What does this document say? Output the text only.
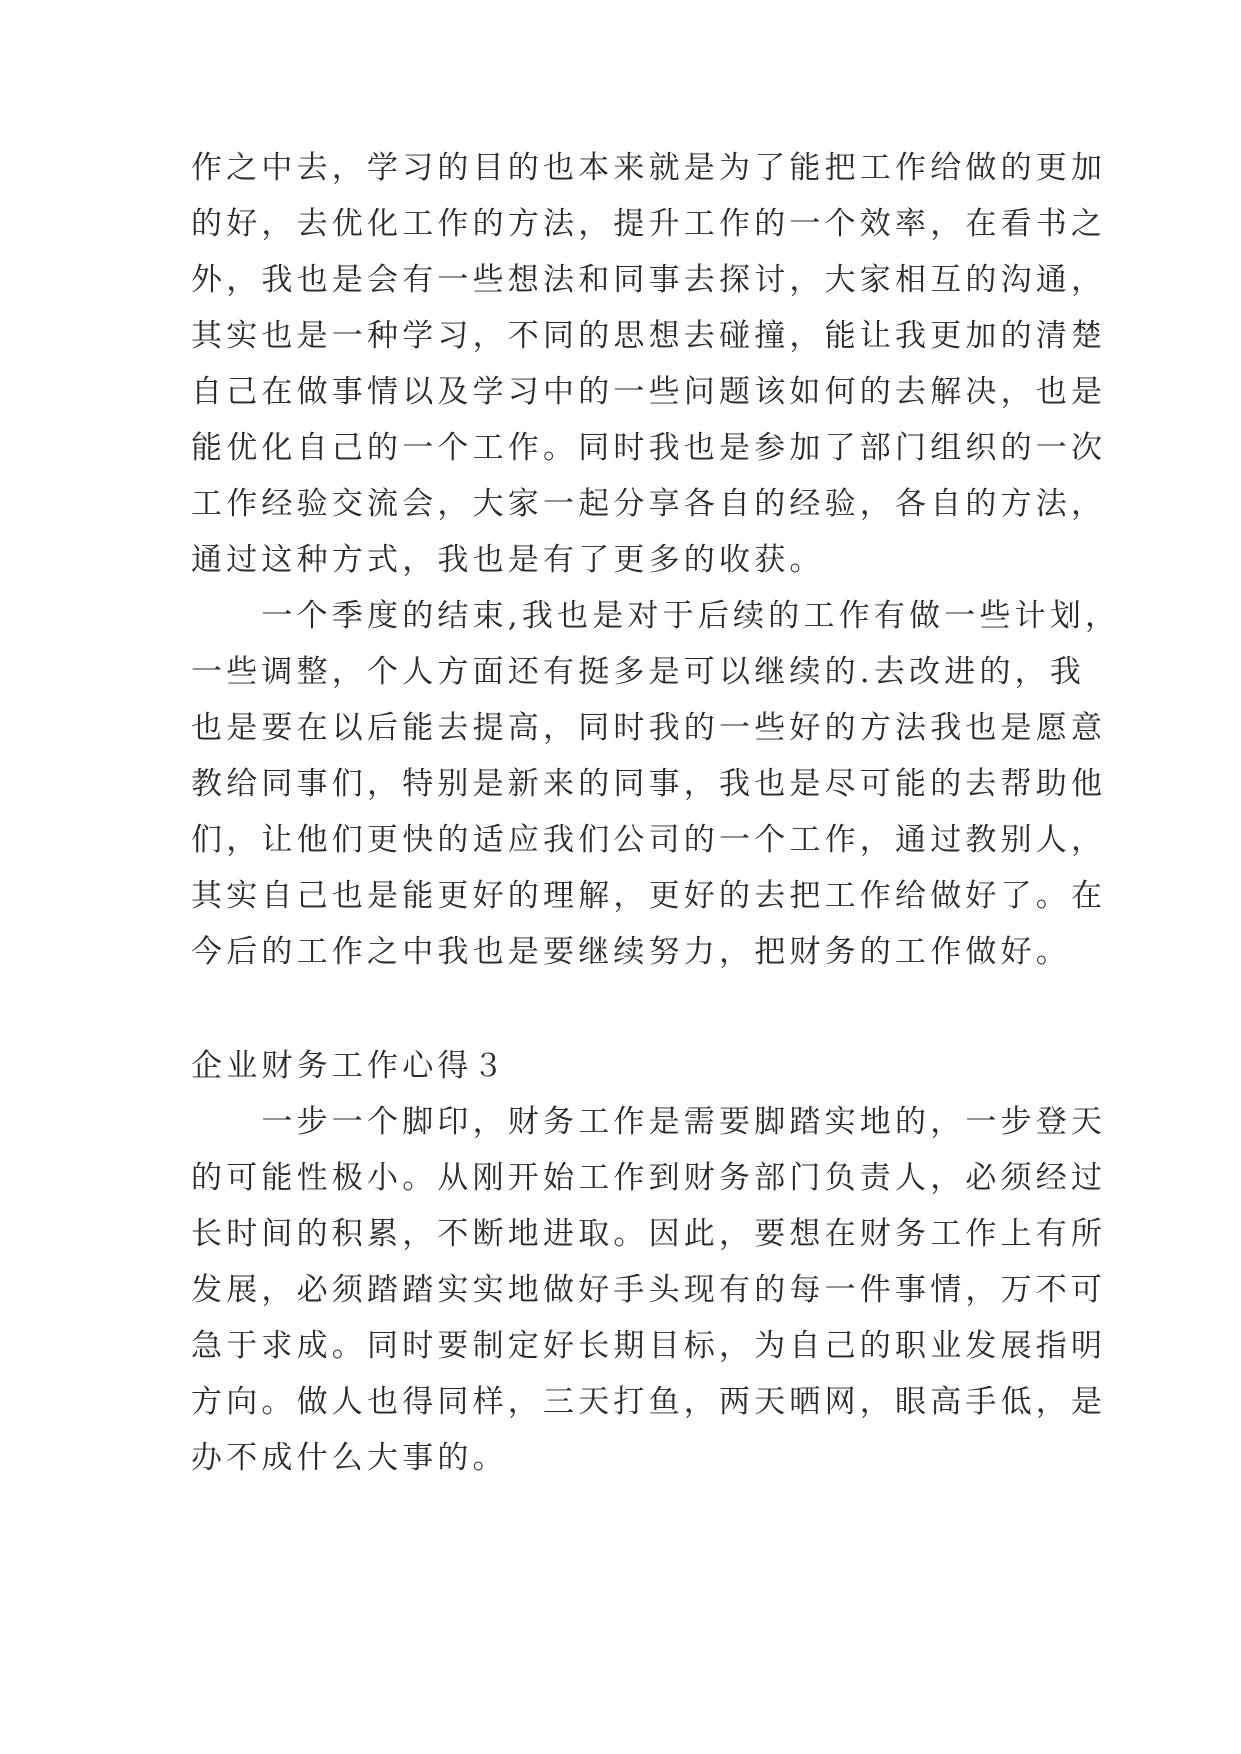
作之中去，学习的目的也本来就是为了能把工作给做的更加
的好，去优化工作的方法，提升工作的一个效率，在看书之
外，我也是会有一些想法和同事去探讨，大家相互的沟通，
其实也是一种学习，不同的思想去碰撞，能让我更加的清楚
自己在做事情以及学习中的一些问题该如何的去解决，也是
能优化自己的一个工作。同时我也是参加了部门组织的一次
工作经验交流会，大家一起分享各自的经验，各自的方法，
通过这种方式，我也是有了更多的收获。
　　一个季度的结束,我也是对于后续的工作有做一些计划，
一些调整，个人方面还有挺多是可以继续的.去改进的，我
也是要在以后能去提高，同时我的一些好的方法我也是愿意
教给同事们，特别是新来的同事，我也是尽可能的去帮助他
们，让他们更快的适应我们公司的一个工作，通过教别人，
其实自己也是能更好的理解，更好的去把工作给做好了。在
今后的工作之中我也是要继续努力，把财务的工作做好。
企业财务工作心得３
　　一步一个脚印，财务工作是需要脚踏实地的，一步登天
的可能性极小。从刚开始工作到财务部门负责人，必须经过
长时间的积累，不断地进取。因此，要想在财务工作上有所
发展，必须踏踏实实地做好手头现有的每一件事情，万不可
急于求成。同时要制定好长期目标，为自己的职业发展指明
方向。做人也得同样，三天打鱼，两天晒网，眼高手低，是
办不成什么大事的。
